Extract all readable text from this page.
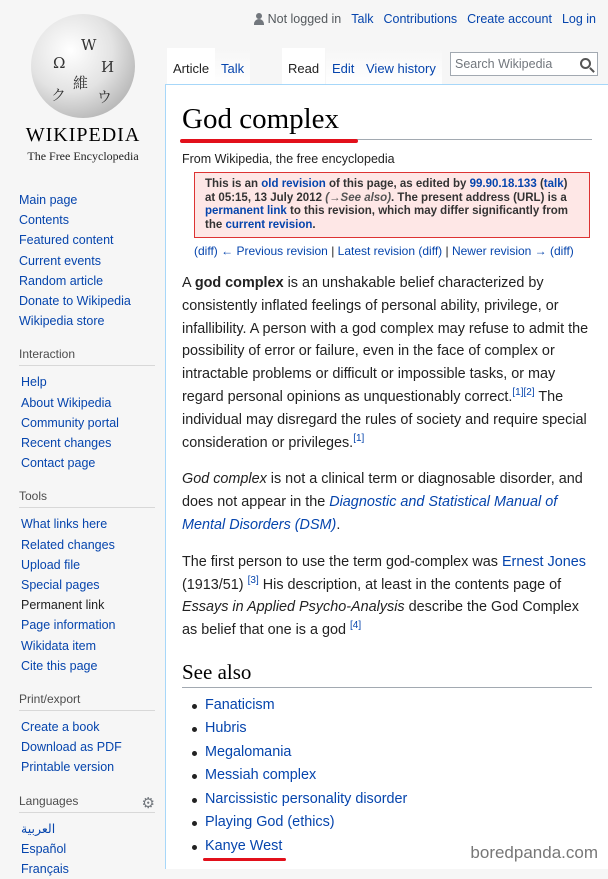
Not logged in Talk Contributions Create account Log in
Ω
W
И
維
ク ウ
WIKIPEDIA
The Free Encyclopedia
Main page
Contents
Featured content
Current events
Random article
Donate to Wikipedia
Wikipedia store
Interaction
Help
About Wikipedia
Community portal
Recent changes
Contact page
Tools
What links here
Related changes
Upload file
Special pages
Permanent link
Page information
Wikidata item
Cite this page
Print/export
Create a book
Download as PDF
Printable version
Languages	⚙
العربية
Español
Français
Article Talk	Read Edit View history	Search Wikipedia
God complex
From Wikipedia, the free encyclopedia
This is an old revision of this page, as edited by 99.90.18.133 (talk) at 05:15, 13 July 2012 (→See also). The present address (URL) is a permanent link to this revision, which may differ significantly from the current revision.
(diff) ← Previous revision | Latest revision (diff) | Newer revision → (diff)

A god complex is an unshakable belief characterized by consistently inflated feelings of personal ability, privilege, or infallibility. A person with a god complex may refuse to admit the possibility of error or failure, even in the face of complex or intractable problems or difficult or impossible tasks, or may regard personal opinions as unquestionably correct.[1][2] The individual may disregard the rules of society and require special consideration or privileges.[1]

God complex is not a clinical term or diagnosable disorder, and does not appear in the Diagnostic and Statistical Manual of Mental Disorders (DSM).

The first person to use the term god-complex was Ernest Jones (1913/51) [3] His description, at least in the contents page of Essays in Applied Psycho-Analysis describe the God Complex as belief that one is a god [4]

See also
Fanaticism
Hubris
Megalomania
Messiah complex
Narcissistic personality disorder
Playing God (ethics)
Kanye West	boredpanda.com
